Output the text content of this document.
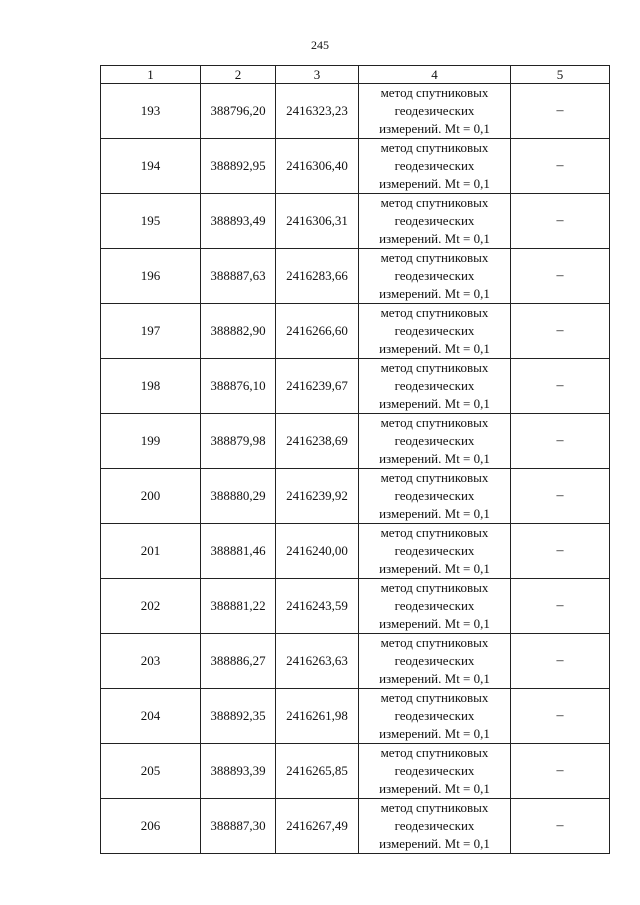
245
1	2	3	4	5
193	388796,20	2416323,23	метод спутниковых
геодезических
измерений. Mt = 0,1	–
194	388892,95	2416306,40	метод спутниковых
геодезических
измерений. Mt = 0,1	–
195	388893,49	2416306,31	метод спутниковых
геодезических
измерений. Mt = 0,1	–
196	388887,63	2416283,66	метод спутниковых
геодезических
измерений. Mt = 0,1	–
197	388882,90	2416266,60	метод спутниковых
геодезических
измерений. Mt = 0,1	–
198	388876,10	2416239,67	метод спутниковых
геодезических
измерений. Mt = 0,1	–
199	388879,98	2416238,69	метод спутниковых
геодезических
измерений. Mt = 0,1	–
200	388880,29	2416239,92	метод спутниковых
геодезических
измерений. Mt = 0,1	–
201	388881,46	2416240,00	метод спутниковых
геодезических
измерений. Mt = 0,1	–
202	388881,22	2416243,59	метод спутниковых
геодезических
измерений. Mt = 0,1	–
203	388886,27	2416263,63	метод спутниковых
геодезических
измерений. Mt = 0,1	–
204	388892,35	2416261,98	метод спутниковых
геодезических
измерений. Mt = 0,1	–
205	388893,39	2416265,85	метод спутниковых
геодезических
измерений. Mt = 0,1	–
206	388887,30	2416267,49	метод спутниковых
геодезических
измерений. Mt = 0,1	–
